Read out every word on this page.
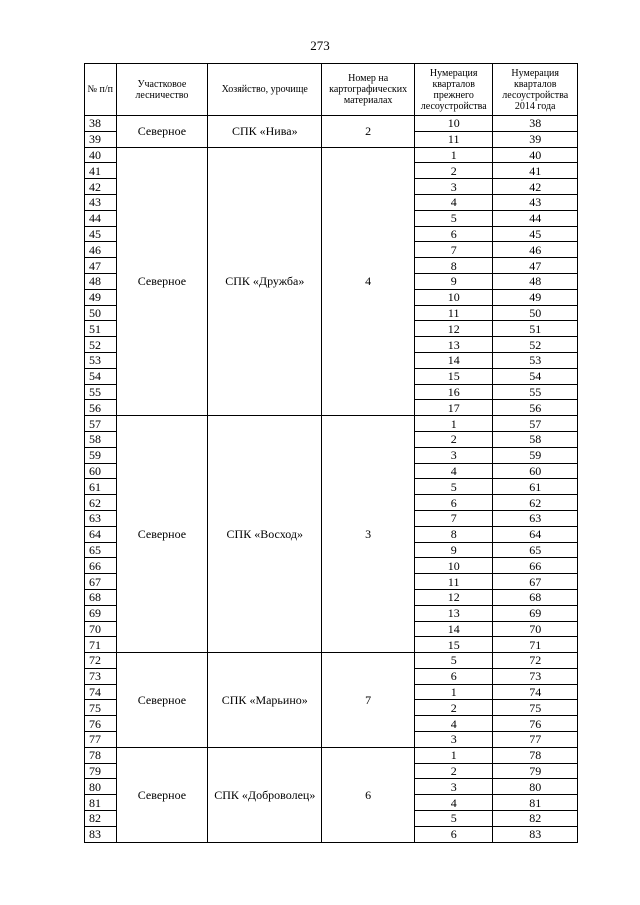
273
№ п/п	Участковое лесничество	Хозяйство, урочище	Номер на картографических материалах	Нумерация кварталов прежнего лесоустройства	Нумерация кварталов лесоустройства 2014 года
38	Северное	СПК «Нива»	2	10	38
39				11	39
40	Северное	СПК «Дружба»	4	1	40
41				2	41
42				3	42
43				4	43
44				5	44
45				6	45
46				7	46
47				8	47
48				9	48
49				10	49
50				11	50
51				12	51
52				13	52
53				14	53
54				15	54
55				16	55
56				17	56
57	Северное	СПК «Восход»	3	1	57
58				2	58
59				3	59
60				4	60
61				5	61
62				6	62
63				7	63
64				8	64
65				9	65
66				10	66
67				11	67
68				12	68
69				13	69
70				14	70
71				15	71
72	Северное	СПК «Марьино»	7	5	72
73				6	73
74				1	74
75				2	75
76				4	76
77				3	77
78	Северное	СПК «Доброволец»	6	1	78
79				2	79
80				3	80
81				4	81
82				5	82
83				6	83
